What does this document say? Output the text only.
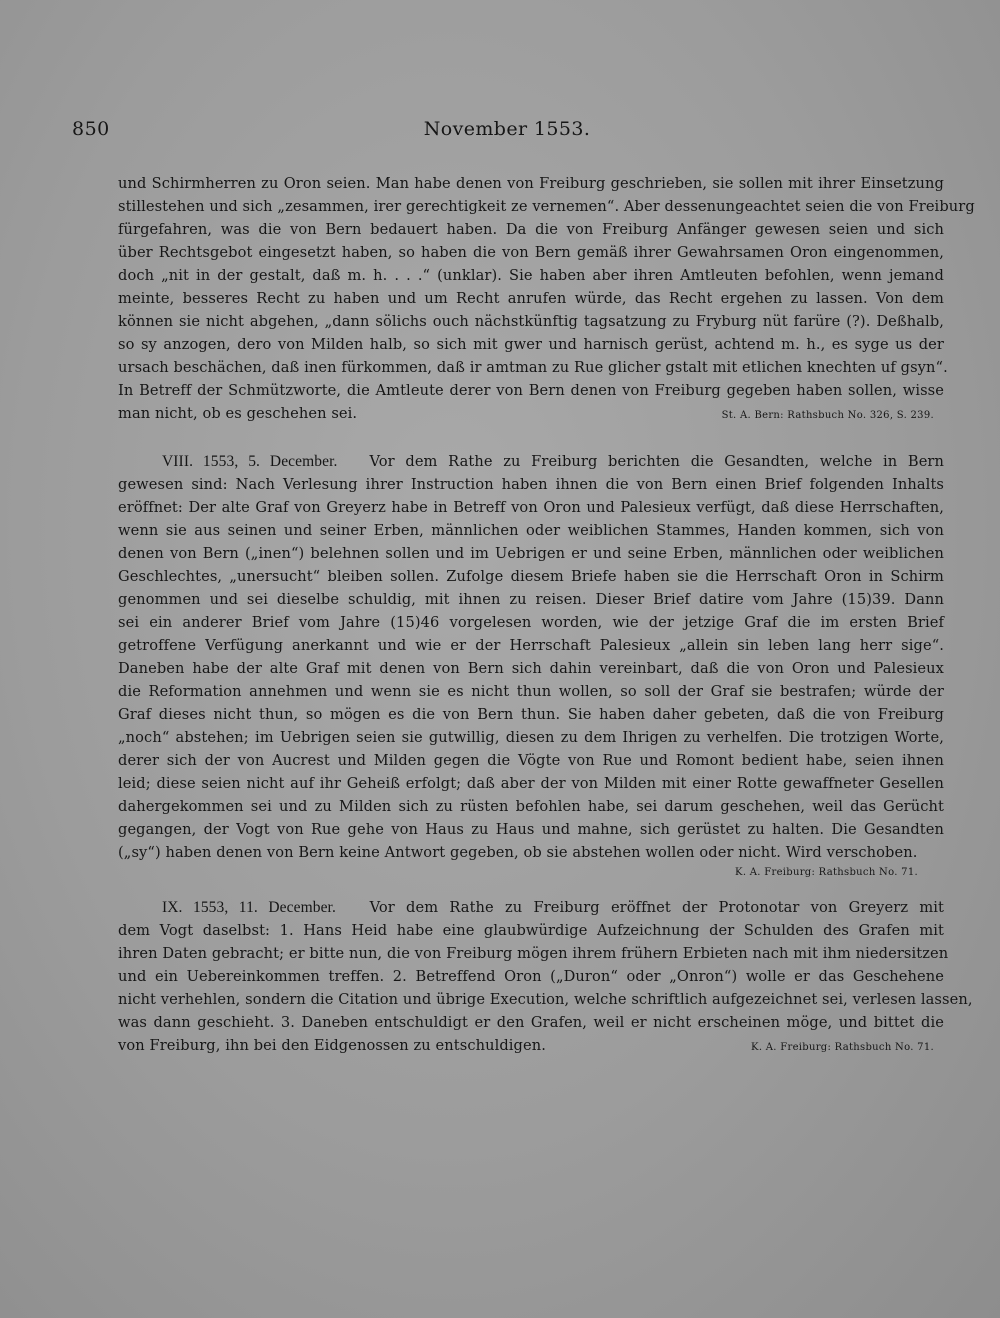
850	November 1553.
und Schirmherren zu Oron seien. Man habe denen von Freiburg geschrieben, sie sollen mit ihrer Einsetzung
stillestehen und sich „zesammen, irer gerechtigkeit ze vernemen“. Aber dessenungeachtet seien die von Freiburg
fürgefahren, was die von Bern bedauert haben. Da die von Freiburg Anfänger gewesen seien und sich
über Rechtsgebot eingesetzt haben, so haben die von Bern gemäß ihrer Gewahrsamen Oron eingenommen,
doch „nit in der gestalt, daß m. h. . . .“ (unklar). Sie haben aber ihren Amtleuten befohlen, wenn jemand
meinte, besseres Recht zu haben und um Recht anrufen würde, das Recht ergehen zu lassen. Von dem
können sie nicht abgehen, „dann sölichs ouch nächstkünftig tagsatzung zu Fryburg nüt farüre (?). Deßhalb,
so sy anzogen, dero von Milden halb, so sich mit gwer und harnisch gerüst, achtend m. h., es syge us der
ursach beschächen, daß inen fürkommen, daß ir amtman zu Rue glicher gstalt mit etlichen knechten uf gsyn“.
In Betreff der Schmützworte, die Amtleute derer von Bern denen von Freiburg gegeben haben sollen, wisse
man nicht, ob es geschehen sei.	St. A. Bern: Rathsbuch No. 326, S. 239.
VIII. 1553, 5. December. Vor dem Rathe zu Freiburg berichten die Gesandten, welche in Bern
gewesen sind: Nach Verlesung ihrer Instruction haben ihnen die von Bern einen Brief folgenden Inhalts
eröffnet: Der alte Graf von Greyerz habe in Betreff von Oron und Palesieux verfügt, daß diese Herrschaften,
wenn sie aus seinen und seiner Erben, männlichen oder weiblichen Stammes, Handen kommen, sich von
denen von Bern („inen“) belehnen sollen und im Uebrigen er und seine Erben, männlichen oder weiblichen
Geschlechtes, „unersucht“ bleiben sollen. Zufolge diesem Briefe haben sie die Herrschaft Oron in Schirm
genommen und sei dieselbe schuldig, mit ihnen zu reisen. Dieser Brief datire vom Jahre (15)39. Dann
sei ein anderer Brief vom Jahre (15)46 vorgelesen worden, wie der jetzige Graf die im ersten Brief
getroffene Verfügung anerkannt und wie er der Herrschaft Palesieux „allein sin leben lang herr sige“.
Daneben habe der alte Graf mit denen von Bern sich dahin vereinbart, daß die von Oron und Palesieux
die Reformation annehmen und wenn sie es nicht thun wollen, so soll der Graf sie bestrafen; würde der
Graf dieses nicht thun, so mögen es die von Bern thun. Sie haben daher gebeten, daß die von Freiburg
„noch“ abstehen; im Uebrigen seien sie gutwillig, diesen zu dem Ihrigen zu verhelfen. Die trotzigen Worte,
derer sich der von Aucrest und Milden gegen die Vögte von Rue und Romont bedient habe, seien ihnen
leid; diese seien nicht auf ihr Geheiß erfolgt; daß aber der von Milden mit einer Rotte gewaffneter Gesellen
dahergekommen sei und zu Milden sich zu rüsten befohlen habe, sei darum geschehen, weil das Gerücht
gegangen, der Vogt von Rue gehe von Haus zu Haus und mahne, sich gerüstet zu halten. Die Gesandten
(„sy“) haben denen von Bern keine Antwort gegeben, ob sie abstehen wollen oder nicht. Wird verschoben.
K. A. Freiburg: Rathsbuch No. 71.
IX. 1553, 11. December. Vor dem Rathe zu Freiburg eröffnet der Protonotar von Greyerz mit
dem Vogt daselbst: 1. Hans Heid habe eine glaubwürdige Aufzeichnung der Schulden des Grafen mit
ihren Daten gebracht; er bitte nun, die von Freiburg mögen ihrem frühern Erbieten nach mit ihm niedersitzen
und ein Uebereinkommen treffen. 2. Betreffend Oron („Duron“ oder „Onron“) wolle er das Geschehene
nicht verhehlen, sondern die Citation und übrige Execution, welche schriftlich aufgezeichnet sei, verlesen lassen,
was dann geschieht. 3. Daneben entschuldigt er den Grafen, weil er nicht erscheinen möge, und bittet die
von Freiburg, ihn bei den Eidgenossen zu entschuldigen.	K. A. Freiburg: Rathsbuch No. 71.
